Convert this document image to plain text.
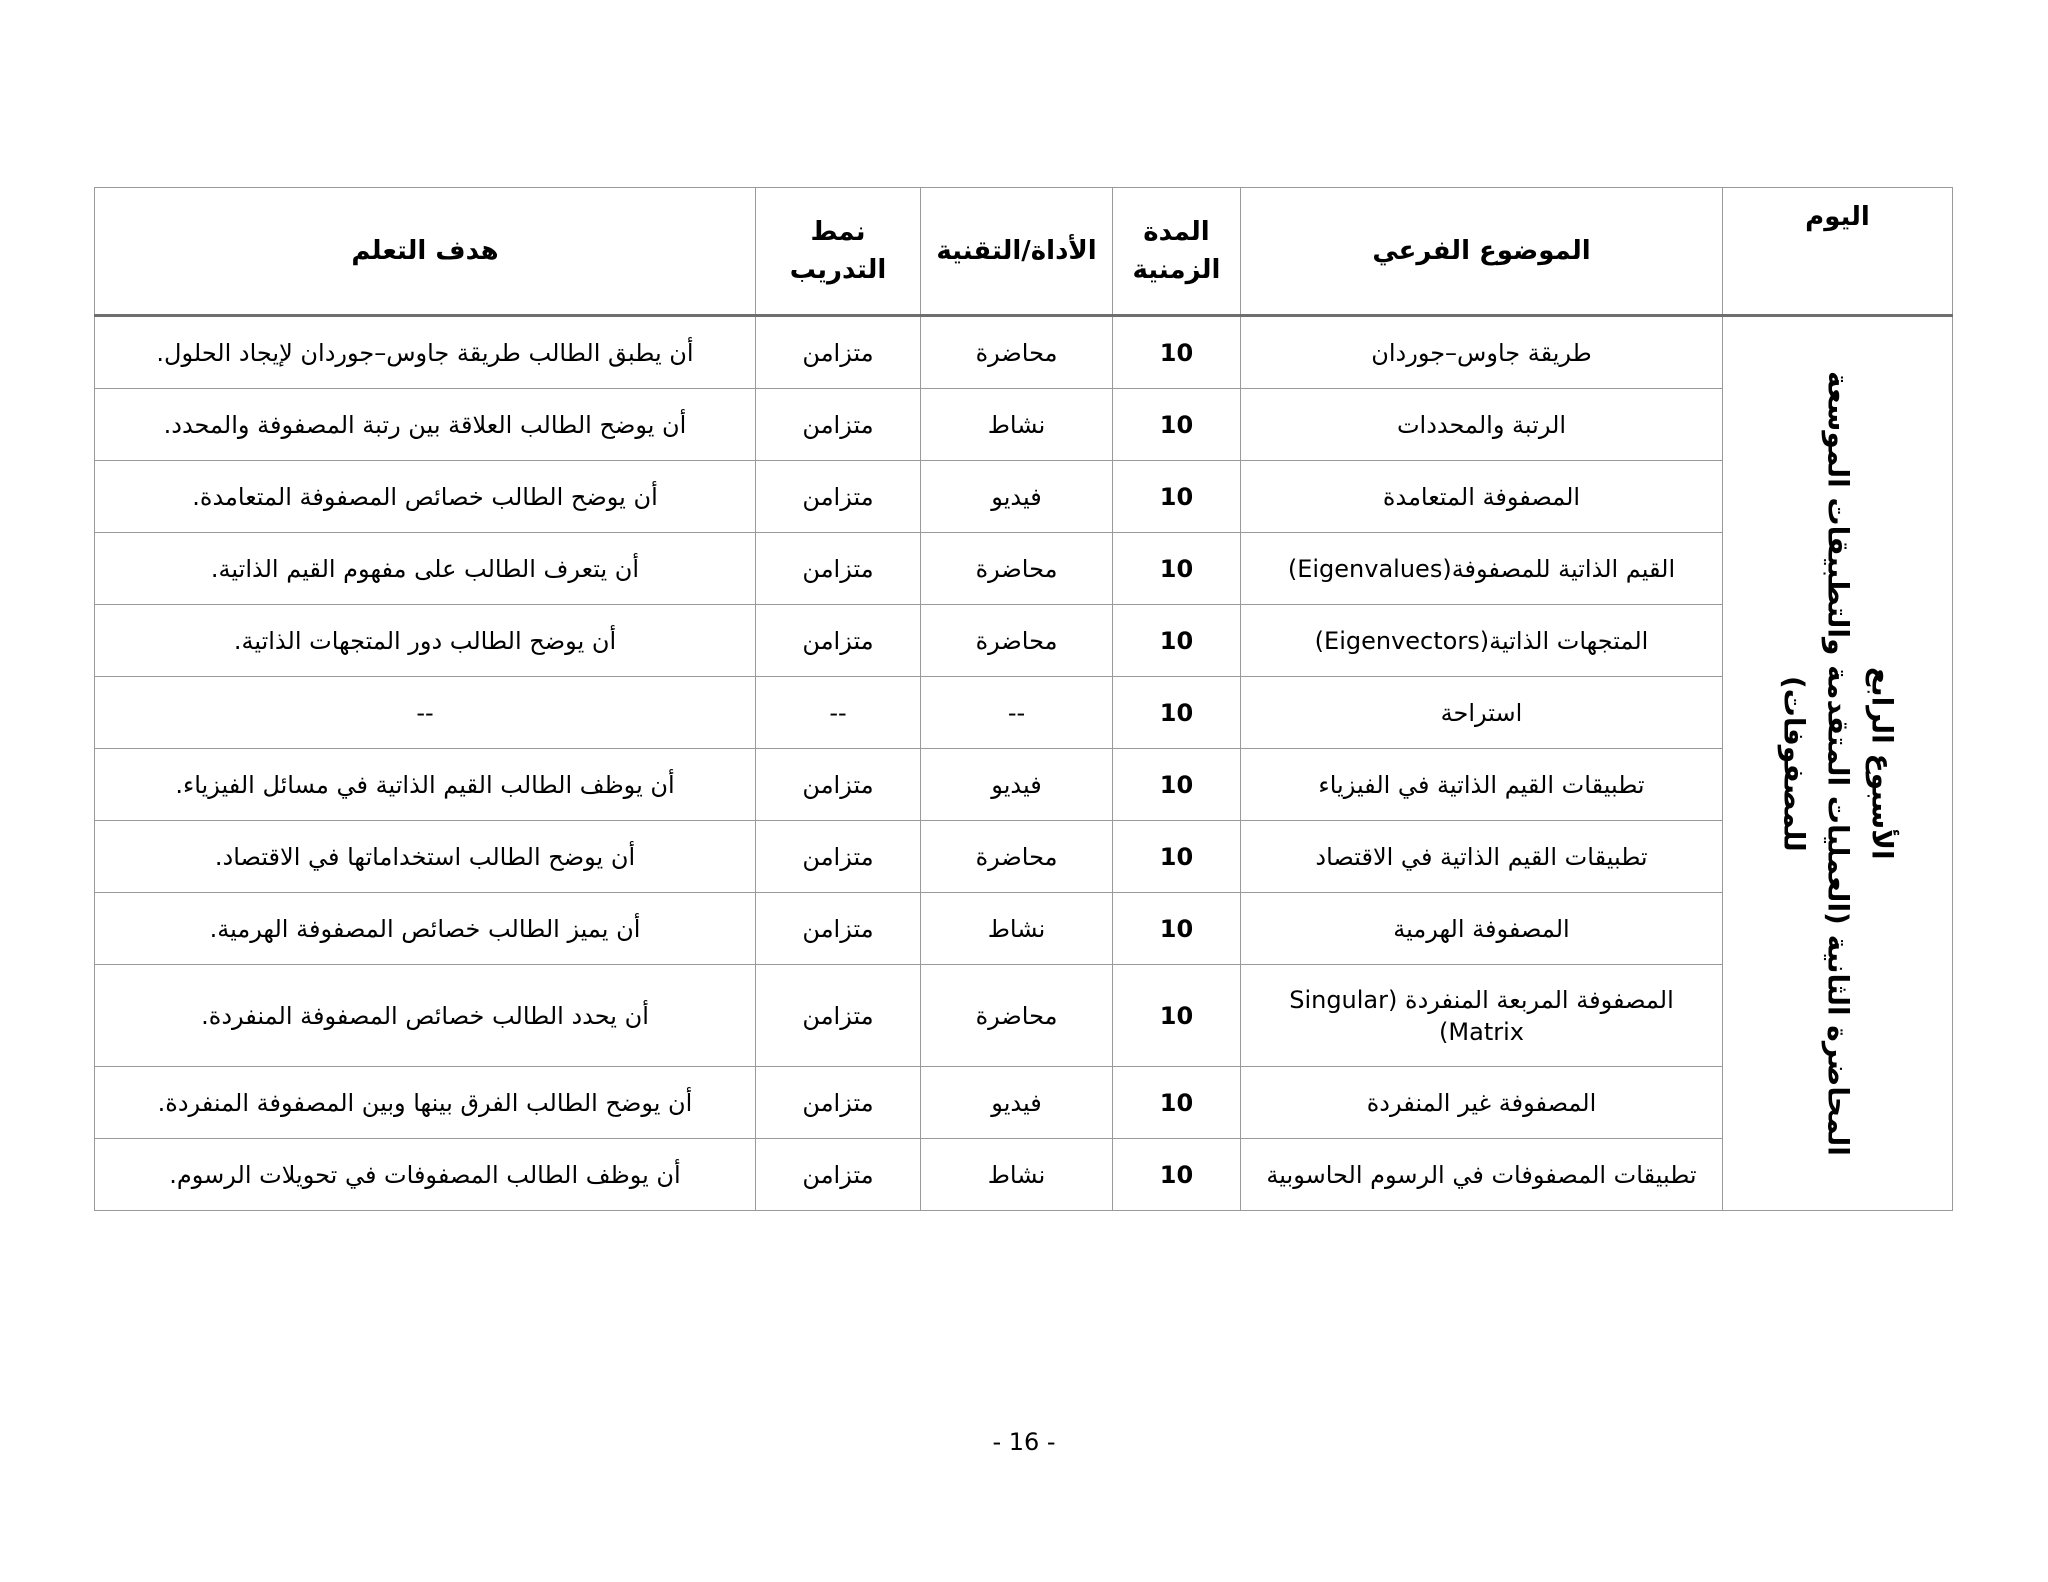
اليوم	الموضوع الفرعي	المدة الزمنية	الأداة/التقنية	نمط التدريب	هدف التعلم

الأسبوع الرابع
المحاضرة الثانية (العمليات المتقدمة والتطبيقات الموسعة للمصفوفات)	طريقة جاوس–جوردان	10	محاضرة	متزامن	أن يطبق الطالب طريقة جاوس–جوردان لإيجاد الحلول.
	الرتبة والمحددات	10	نشاط	متزامن	أن يوضح الطالب العلاقة بين رتبة المصفوفة والمحدد.
	المصفوفة المتعامدة	10	فيديو	متزامن	أن يوضح الطالب خصائص المصفوفة المتعامدة.
	القيم الذاتية للمصفوفة(Eigenvalues)	10	محاضرة	متزامن	أن يتعرف الطالب على مفهوم القيم الذاتية.
	المتجهات الذاتية(Eigenvectors)	10	محاضرة	متزامن	أن يوضح الطالب دور المتجهات الذاتية.
	استراحة	10	--	--	--
	تطبيقات القيم الذاتية في الفيزياء	10	فيديو	متزامن	أن يوظف الطالب القيم الذاتية في مسائل الفيزياء.
	تطبيقات القيم الذاتية في الاقتصاد	10	محاضرة	متزامن	أن يوضح الطالب استخداماتها في الاقتصاد.
	المصفوفة الهرمية	10	نشاط	متزامن	أن يميز الطالب خصائص المصفوفة الهرمية.
	المصفوفة المربعة المنفردة (Singular Matrix)	10	محاضرة	متزامن	أن يحدد الطالب خصائص المصفوفة المنفردة.
	المصفوفة غير المنفردة	10	فيديو	متزامن	أن يوضح الطالب الفرق بينها وبين المصفوفة المنفردة.
	تطبيقات المصفوفات في الرسوم الحاسوبية	10	نشاط	متزامن	أن يوظف الطالب المصفوفات في تحويلات الرسوم.
- 16 -
